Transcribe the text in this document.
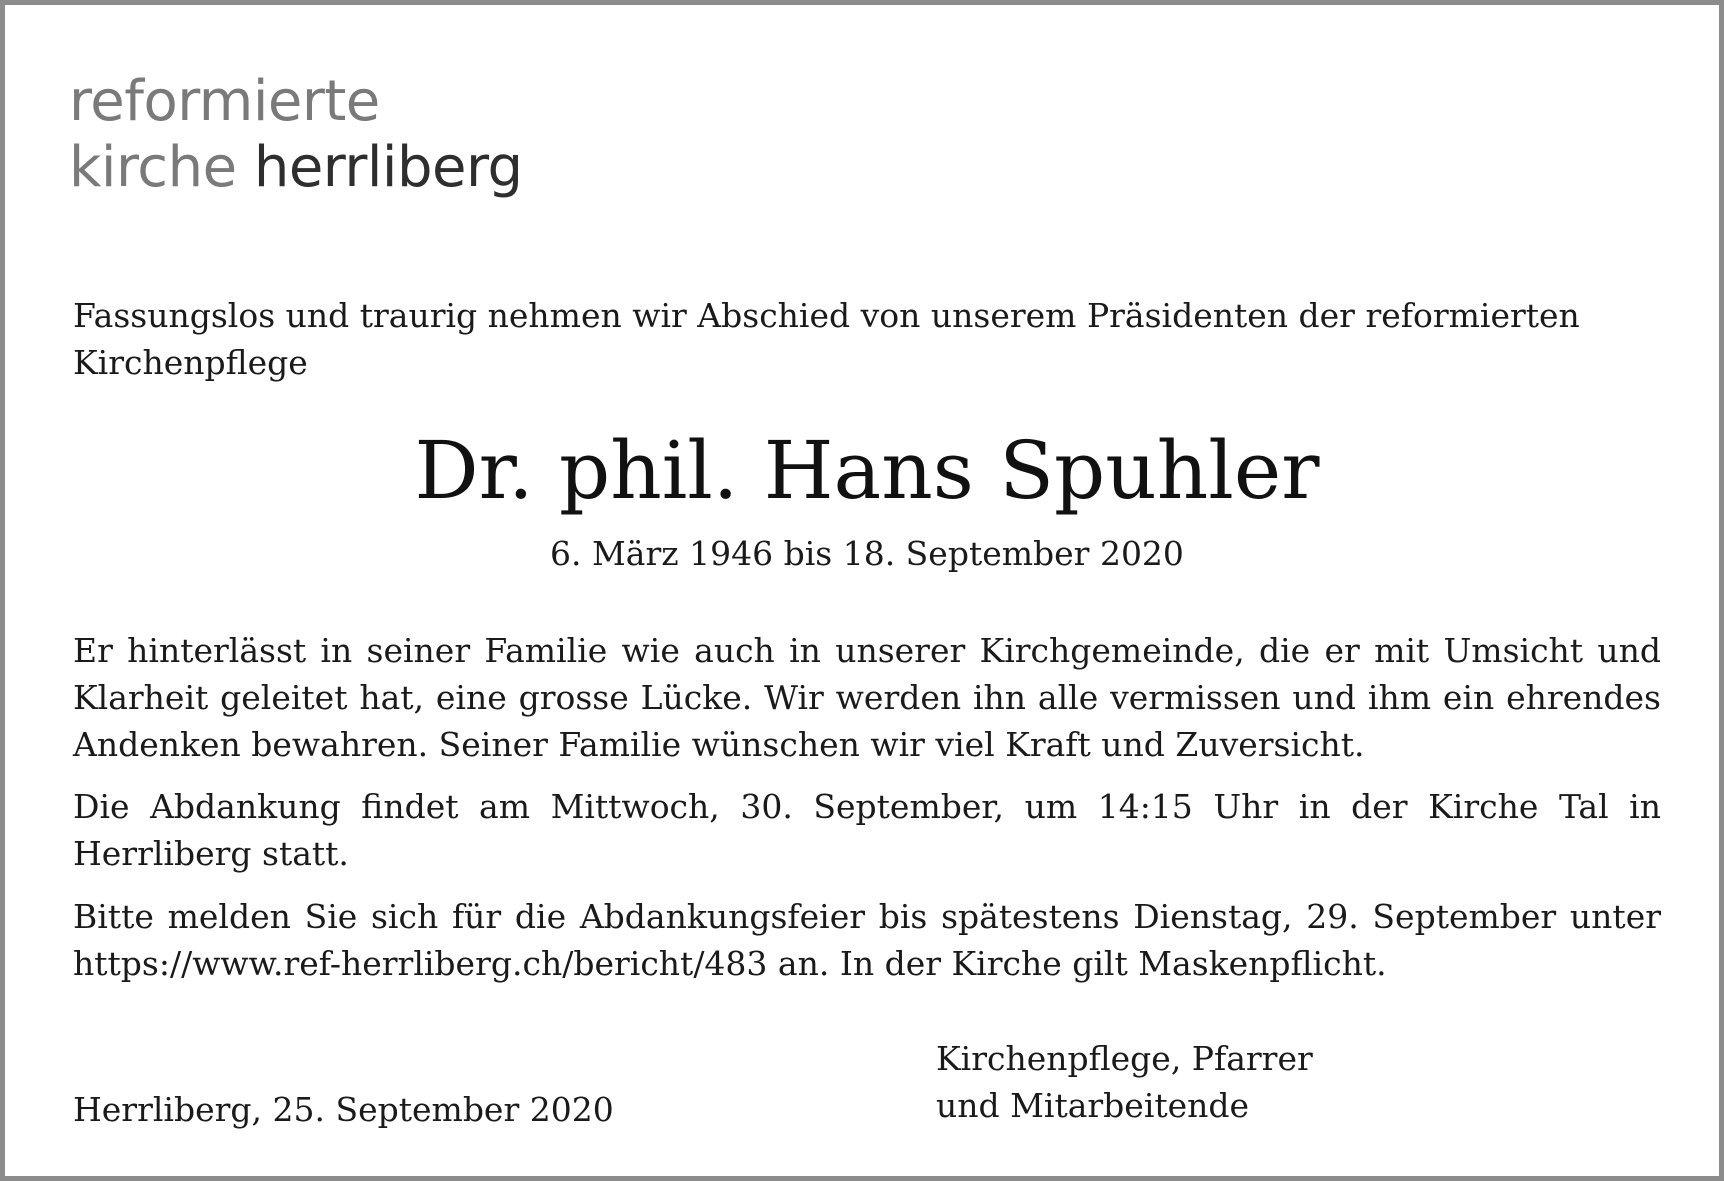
reformierte
kirche herrliberg
Fassungslos und traurig nehmen wir Abschied von unserem Präsidenten der reformierten Kirchenpflege
Dr. phil. Hans Spuhler
6. März 1946 bis 18. September 2020
Er hinterlässt in seiner Familie wie auch in unserer Kirchgemeinde, die er mit Umsicht und Klarheit geleitet hat, eine grosse Lücke. Wir werden ihn alle vermissen und ihm ein ehrendes Andenken bewahren. Seiner Familie wünschen wir viel Kraft und Zuversicht.
Die Abdankung findet am Mittwoch, 30. September, um 14:15 Uhr in der Kirche Tal in Herrliberg statt.
Bitte melden Sie sich für die Abdankungsfeier bis spätestens Dienstag, 29. September unter https://www.ref-herrliberg.ch/bericht/483 an. In der Kirche gilt Maskenpflicht.
Herrliberg, 25. September 2020
Kirchenpflege, Pfarrer
und Mitarbeitende
